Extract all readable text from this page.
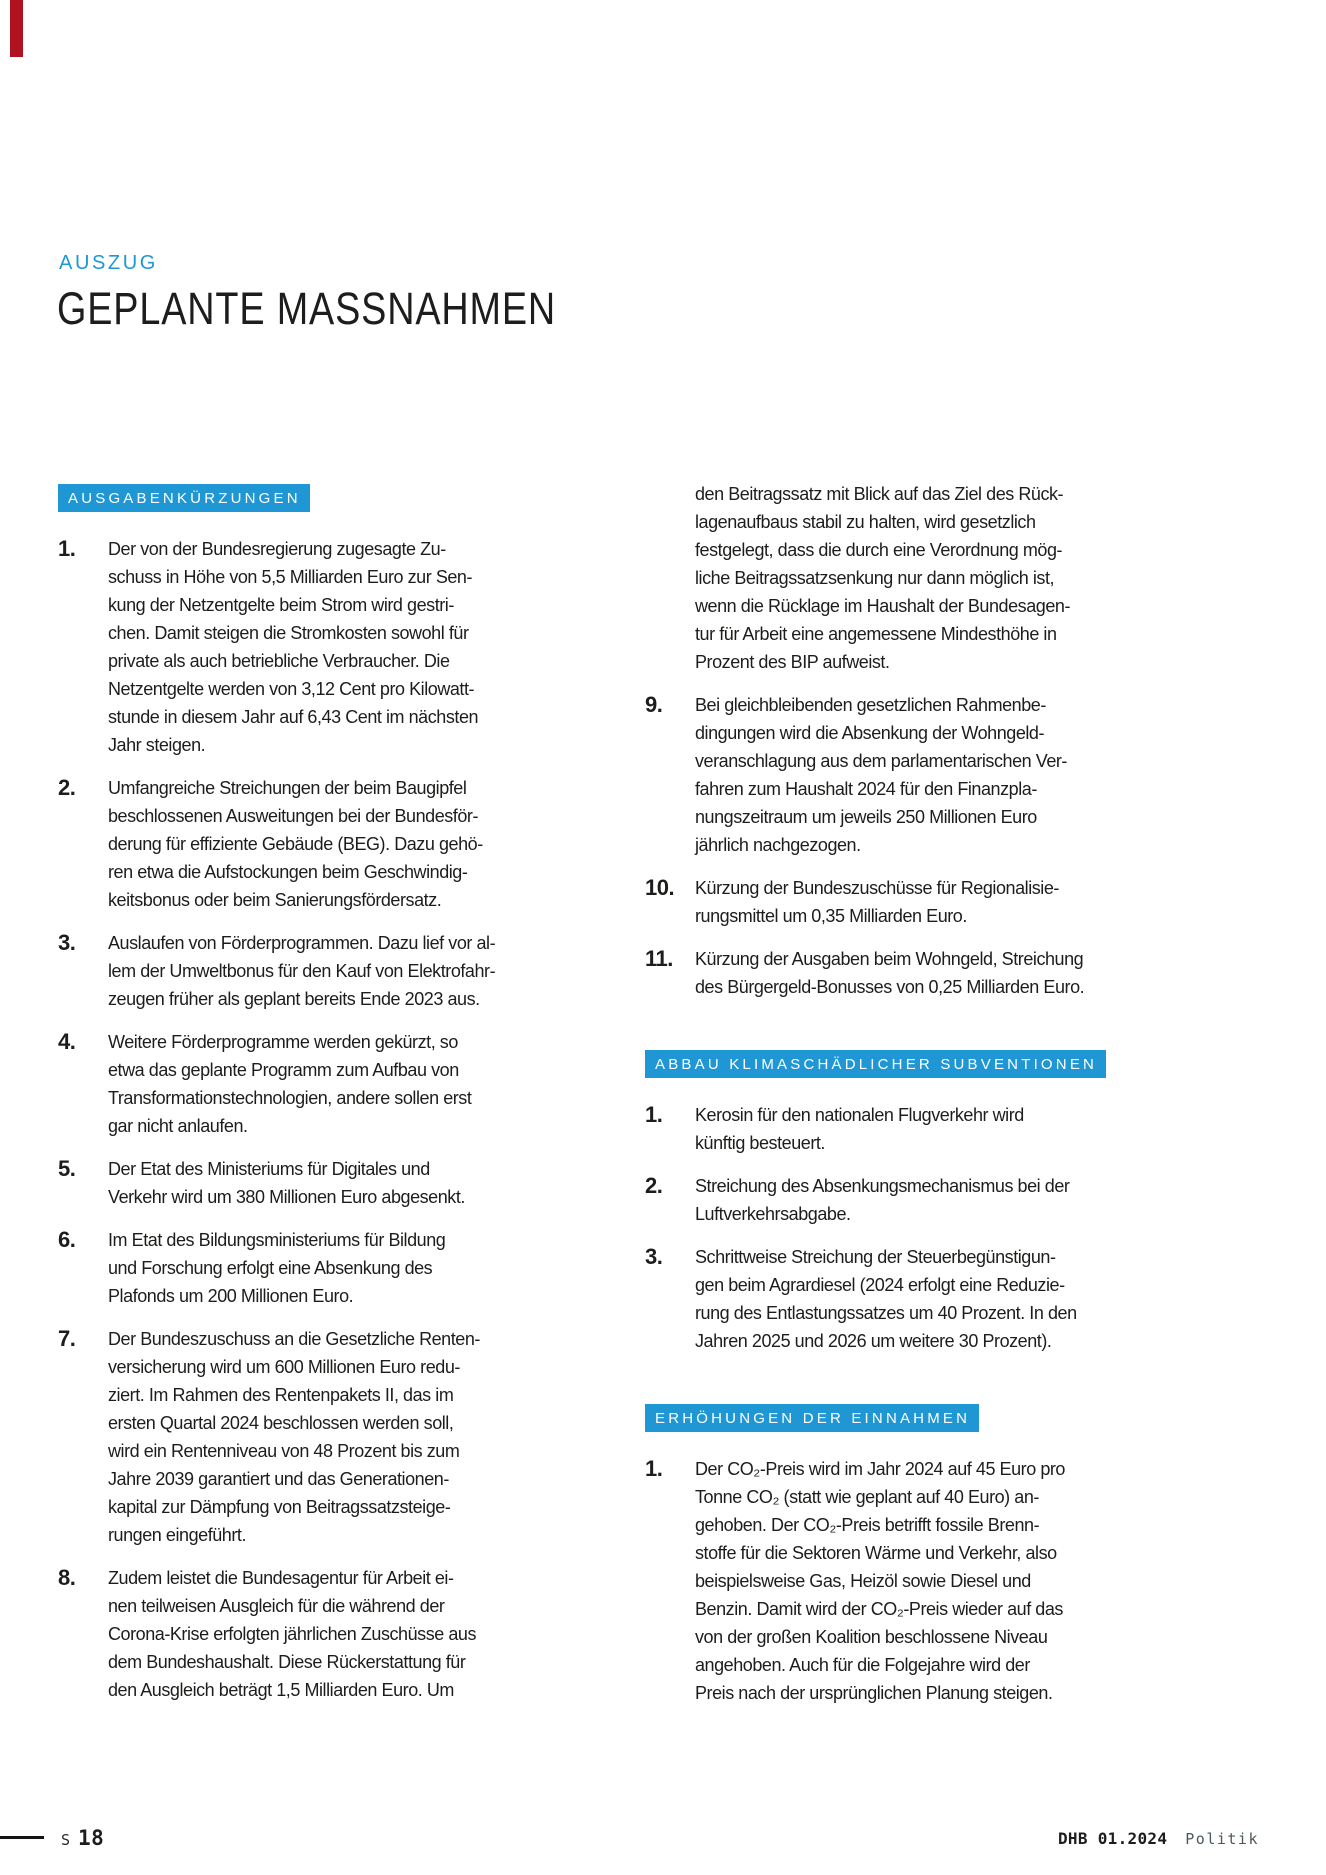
AUSZUG
GEPLANTE MASSNAHMEN
AUSGABENKÜRZUNGEN
1.	Der von der Bundesregierung zugesagte Zu-
schuss in Höhe von 5,5 Milliarden Euro zur Sen-
kung der Netzentgelte beim Strom wird gestri-
chen. Damit steigen die Stromkosten sowohl für
private als auch betriebliche Verbraucher. Die
Netzentgelte werden von 3,12 Cent pro Kilowatt-
stunde in diesem Jahr auf 6,43 Cent im nächsten
Jahr steigen.
2.	Umfangreiche Streichungen der beim Baugipfel
beschlossenen Ausweitungen bei der Bundesför-
derung für effiziente Gebäude (BEG). Dazu gehö-
ren etwa die Aufstockungen beim Geschwindig-
keitsbonus oder beim Sanierungsfördersatz.
3.	Auslaufen von Förderprogrammen. Dazu lief vor al-
lem der Umweltbonus für den Kauf von Elektrofahr-
zeugen früher als geplant bereits Ende 2023 aus.
4.	Weitere Förderprogramme werden gekürzt, so
etwa das geplante Programm zum Aufbau von
Transformationstechnologien, andere sollen erst
gar nicht anlaufen.
5.	Der Etat des Ministeriums für Digitales und
Verkehr wird um 380 Millionen Euro abgesenkt.
6.	Im Etat des Bildungsministeriums für Bildung
und Forschung erfolgt eine Absenkung des
Plafonds um 200 Millionen Euro.
7.	Der Bundeszuschuss an die Gesetzliche Renten-
versicherung wird um 600 Millionen Euro redu-
ziert. Im Rahmen des Rentenpakets II, das im
ersten Quartal 2024 beschlossen werden soll,
wird ein Rentenniveau von 48 Prozent bis zum
Jahre 2039 garantiert und das Generationen-
kapital zur Dämpfung von Beitragssatzsteige-
rungen eingeführt.
8.	Zudem leistet die Bundesagentur für Arbeit ei-
nen teilweisen Ausgleich für die während der
Corona-Krise erfolgten jährlichen Zuschüsse aus
dem Bundeshaushalt. Diese Rückerstattung für
den Ausgleich beträgt 1,5 Milliarden Euro. Um
den Beitragssatz mit Blick auf das Ziel des Rück-
lagenaufbaus stabil zu halten, wird gesetzlich
festgelegt, dass die durch eine Verordnung mög-
liche Beitragssatzsenkung nur dann möglich ist,
wenn die Rücklage im Haushalt der Bundesagen-
tur für Arbeit eine angemessene Mindesthöhe in
Prozent des BIP aufweist.
9.	Bei gleichbleibenden gesetzlichen Rahmenbe-
dingungen wird die Absenkung der Wohngeld-
veranschlagung aus dem parlamentarischen Ver-
fahren zum Haushalt 2024 für den Finanzpla-
nungszeitraum um jeweils 250 Millionen Euro
jährlich nachgezogen.
10.	Kürzung der Bundeszuschüsse für Regionalisie-
rungsmittel um 0,35 Milliarden Euro.
11.	Kürzung der Ausgaben beim Wohngeld, Streichung
des Bürgergeld-Bonusses von 0,25 Milliarden Euro.
ABBAU KLIMASCHÄDLICHER SUBVENTIONEN
1.	Kerosin für den nationalen Flugverkehr wird
künftig besteuert.
2.	Streichung des Absenkungsmechanismus bei der
Luftverkehrsabgabe.
3.	Schrittweise Streichung der Steuerbegünstigun-
gen beim Agrardiesel (2024 erfolgt eine Reduzie-
rung des Entlastungssatzes um 40 Prozent. In den
Jahren 2025 und 2026 um weitere 30 Prozent).
ERHÖHUNGEN DER EINNAHMEN
1.	Der CO₂-Preis wird im Jahr 2024 auf 45 Euro pro
Tonne CO₂ (statt wie geplant auf 40 Euro) an-
gehoben. Der CO₂-Preis betrifft fossile Brenn-
stoffe für die Sektoren Wärme und Verkehr, also
beispielsweise Gas, Heizöl sowie Diesel und
Benzin. Damit wird der CO₂-Preis wieder auf das
von der großen Koalition beschlossene Niveau
angehoben. Auch für die Folgejahre wird der
Preis nach der ursprünglichen Planung steigen.
S 18	DHB 01.2024 Politik
